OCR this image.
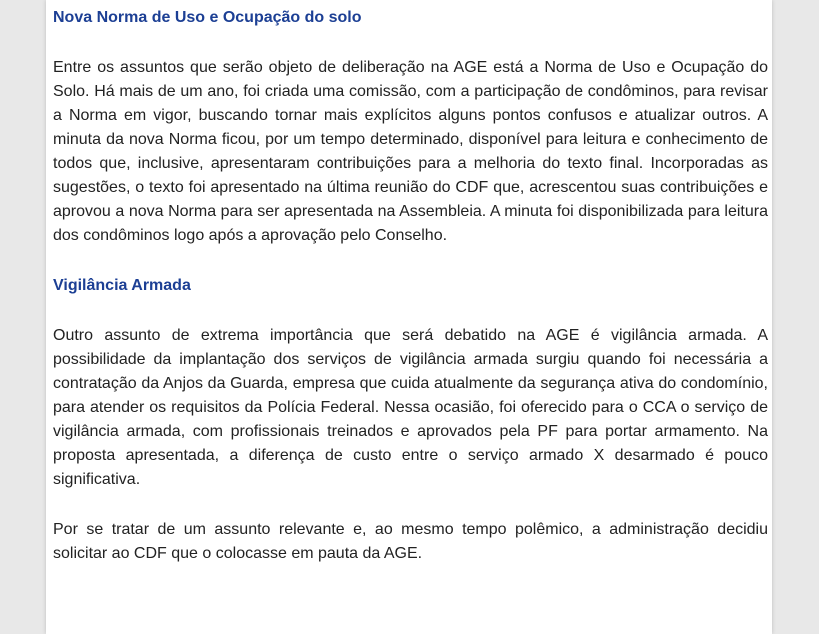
Nova Norma de Uso e Ocupação do solo

Entre os assuntos que serão objeto de deliberação na AGE está a Norma de Uso e Ocupação do Solo. Há mais de um ano, foi criada uma comissão, com a participação de condôminos, para revisar a Norma em vigor, buscando tornar mais explícitos alguns pontos confusos e atualizar outros. A minuta da nova Norma ficou, por um tempo determinado, disponível para leitura e conhecimento de todos que, inclusive, apresentaram contribuições para a melhoria do texto final. Incorporadas as sugestões, o texto foi apresentado na última reunião do CDF que, acrescentou suas contribuições e aprovou a nova Norma para ser apresentada na Assembleia. A minuta foi disponibilizada para leitura dos condôminos logo após a aprovação pelo Conselho.

Vigilância Armada

Outro assunto de extrema importância que será debatido na AGE é vigilância armada. A possibilidade da implantação dos serviços de vigilância armada surgiu quando foi necessária a contratação da Anjos da Guarda, empresa que cuida atualmente da segurança ativa do condomínio, para atender os requisitos da Polícia Federal. Nessa ocasião, foi oferecido para o CCA o serviço de vigilância armada, com profissionais treinados e aprovados pela PF para portar armamento. Na proposta apresentada, a diferença de custo entre o serviço armado X desarmado é pouco significativa.

Por se tratar de um assunto relevante e, ao mesmo tempo polêmico, a administração decidiu solicitar ao CDF que o colocasse em pauta da AGE.
